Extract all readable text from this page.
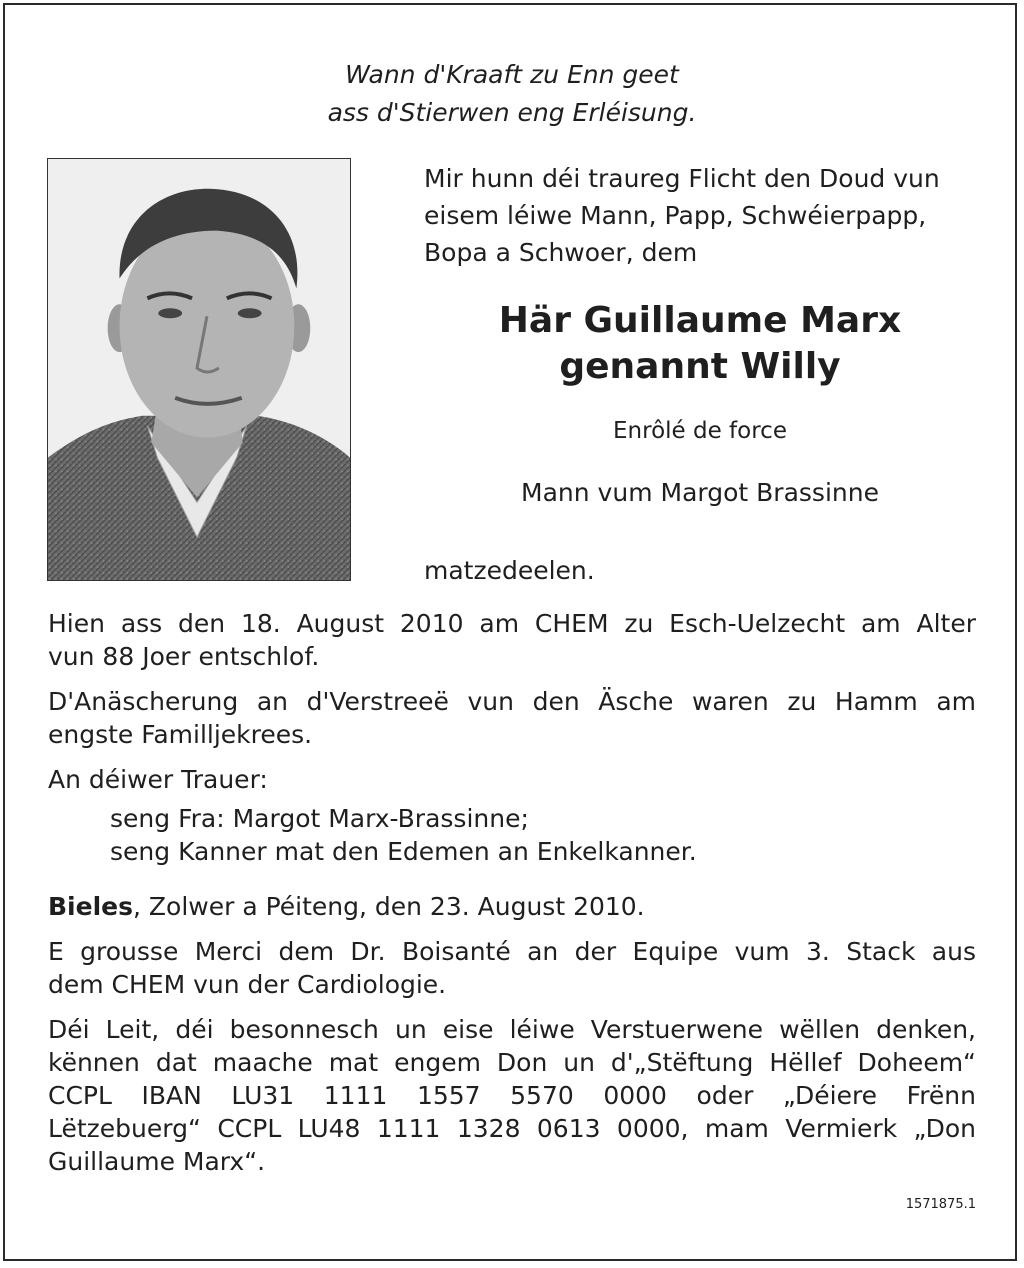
Wann d'Kraaft zu Enn geet
ass d'Stierwen eng Erléisung.
Mir hunn déi traureg Flicht den Doud vun
eisem léiwe Mann, Papp, Schwéierpapp,
Bopa a Schwoer, dem
Här Guillaume Marx
genannt Willy
Enrôlé de force
Mann vum Margot Brassinne
matzedeelen.
Hien ass den 18. August 2010 am CHEM zu Esch-Uelzecht am Alter
vun 88 Joer entschlof.
D'Anäscherung an d'Verstreeë vun den Äsche waren zu Hamm am
engste Familljekrees.
An déiwer Trauer:
seng Fra: Margot Marx-Brassinne;
seng Kanner mat den Edemen an Enkelkanner.
Bieles, Zolwer a Péiteng, den 23. August 2010.
E grousse Merci dem Dr. Boisanté an der Equipe vum 3. Stack aus
dem CHEM vun der Cardiologie.
Déi Leit, déi besonnesch un eise léiwe Verstuerwene wëllen denken,
kënnen dat maache mat engem Don un d'„Stëftung Hëllef Doheem“
CCPL IBAN LU31 1111 1557 5570 0000 oder „Déiere Frënn
Lëtzebuerg“ CCPL LU48 1111 1328 0613 0000, mam Vermierk „Don
Guillaume Marx“.
1571875.1
